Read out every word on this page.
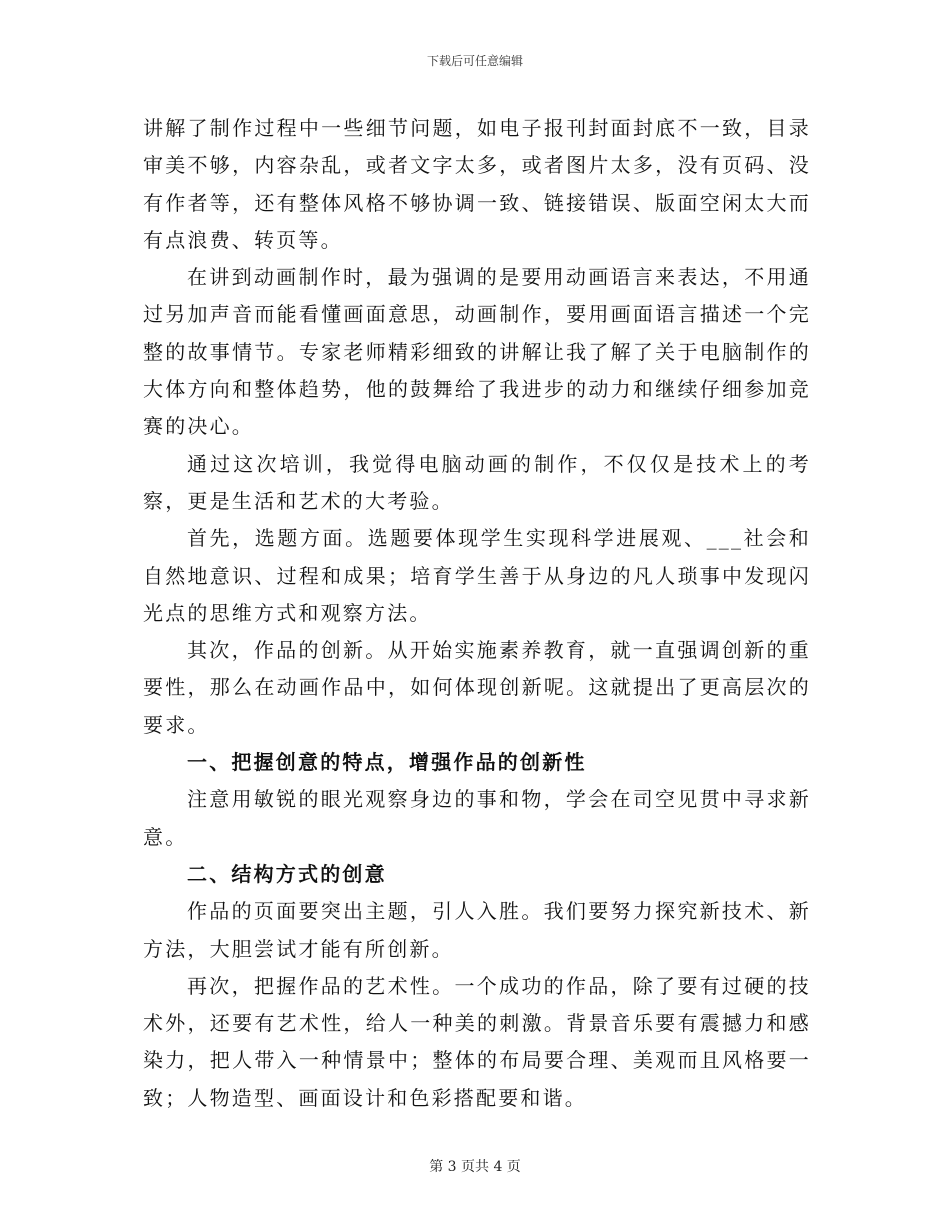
下载后可任意编辑

讲解了制作过程中一些细节问题，如电子报刊封面封底不一致，目录审美不够，内容杂乱，或者文字太多，或者图片太多，没有页码、没有作者等，还有整体风格不够协调一致、链接错误、版面空闲太大而有点浪费、转页等。

在讲到动画制作时，最为强调的是要用动画语言来表达，不用通过另加声音而能看懂画面意思，动画制作，要用画面语言描述一个完整的故事情节。专家老师精彩细致的讲解让我了解了关于电脑制作的大体方向和整体趋势，他的鼓舞给了我进步的动力和继续仔细参加竞赛的决心。

通过这次培训，我觉得电脑动画的制作，不仅仅是技术上的考察，更是生活和艺术的大考验。

首先，选题方面。选题要体现学生实现科学进展观、___社会和自然地意识、过程和成果；培育学生善于从身边的凡人琐事中发现闪光点的思维方式和观察方法。

其次，作品的创新。从开始实施素养教育，就一直强调创新的重要性，那么在动画作品中，如何体现创新呢。这就提出了更高层次的要求。

一、把握创意的特点，增强作品的创新性

注意用敏锐的眼光观察身边的事和物，学会在司空见贯中寻求新意。

二、结构方式的创意

作品的页面要突出主题，引人入胜。我们要努力探究新技术、新方法，大胆尝试才能有所创新。

再次，把握作品的艺术性。一个成功的作品，除了要有过硬的技术外，还要有艺术性，给人一种美的刺激。背景音乐要有震撼力和感染力，把人带入一种情景中；整体的布局要合理、美观而且风格要一致；人物造型、画面设计和色彩搭配要和谐。

第 3 页共 4 页
